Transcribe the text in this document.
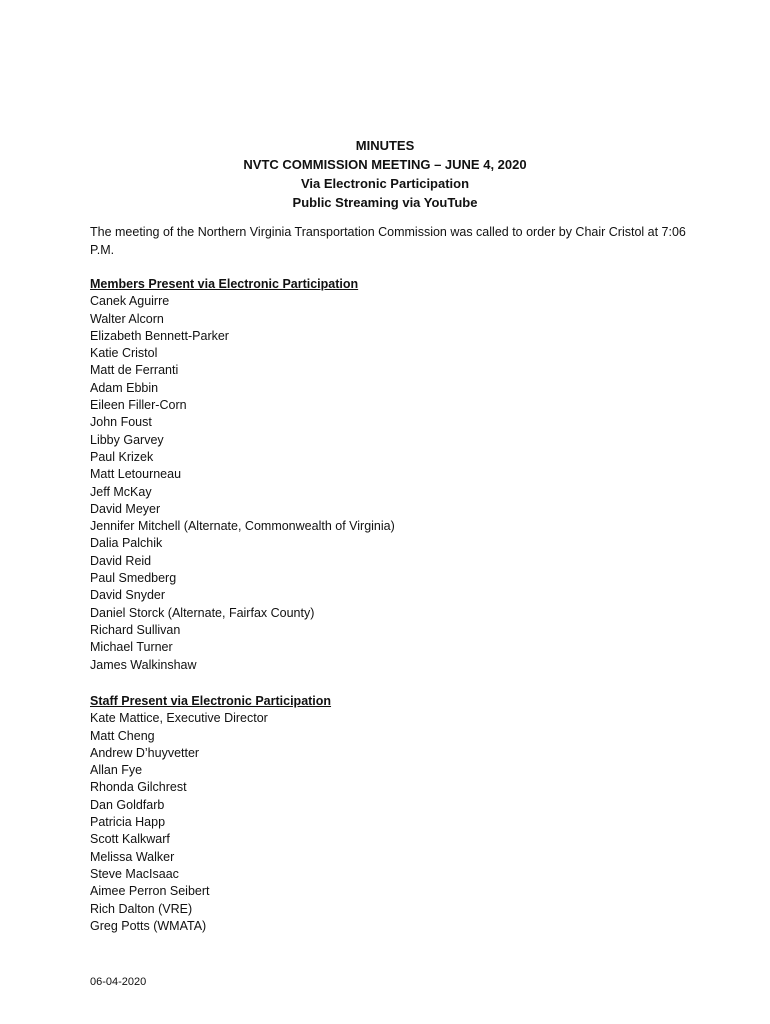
MINUTES
NVTC COMMISSION MEETING – JUNE 4, 2020
Via Electronic Participation
Public Streaming via YouTube
The meeting of the Northern Virginia Transportation Commission was called to order by Chair Cristol at 7:06 P.M.
Members Present via Electronic Participation
Canek Aguirre
Walter Alcorn
Elizabeth Bennett-Parker
Katie Cristol
Matt de Ferranti
Adam Ebbin
Eileen Filler-Corn
John Foust
Libby Garvey
Paul Krizek
Matt Letourneau
Jeff McKay
David Meyer
Jennifer Mitchell (Alternate, Commonwealth of Virginia)
Dalia Palchik
David Reid
Paul Smedberg
David Snyder
Daniel Storck (Alternate, Fairfax County)
Richard Sullivan
Michael Turner
James Walkinshaw
Staff Present via Electronic Participation
Kate Mattice, Executive Director
Matt Cheng
Andrew D’huyvetter
Allan Fye
Rhonda Gilchrest
Dan Goldfarb
Patricia Happ
Scott Kalkwarf
Melissa Walker
Steve MacIsaac
Aimee Perron Seibert
Rich Dalton (VRE)
Greg Potts (WMATA)
06-04-2020
